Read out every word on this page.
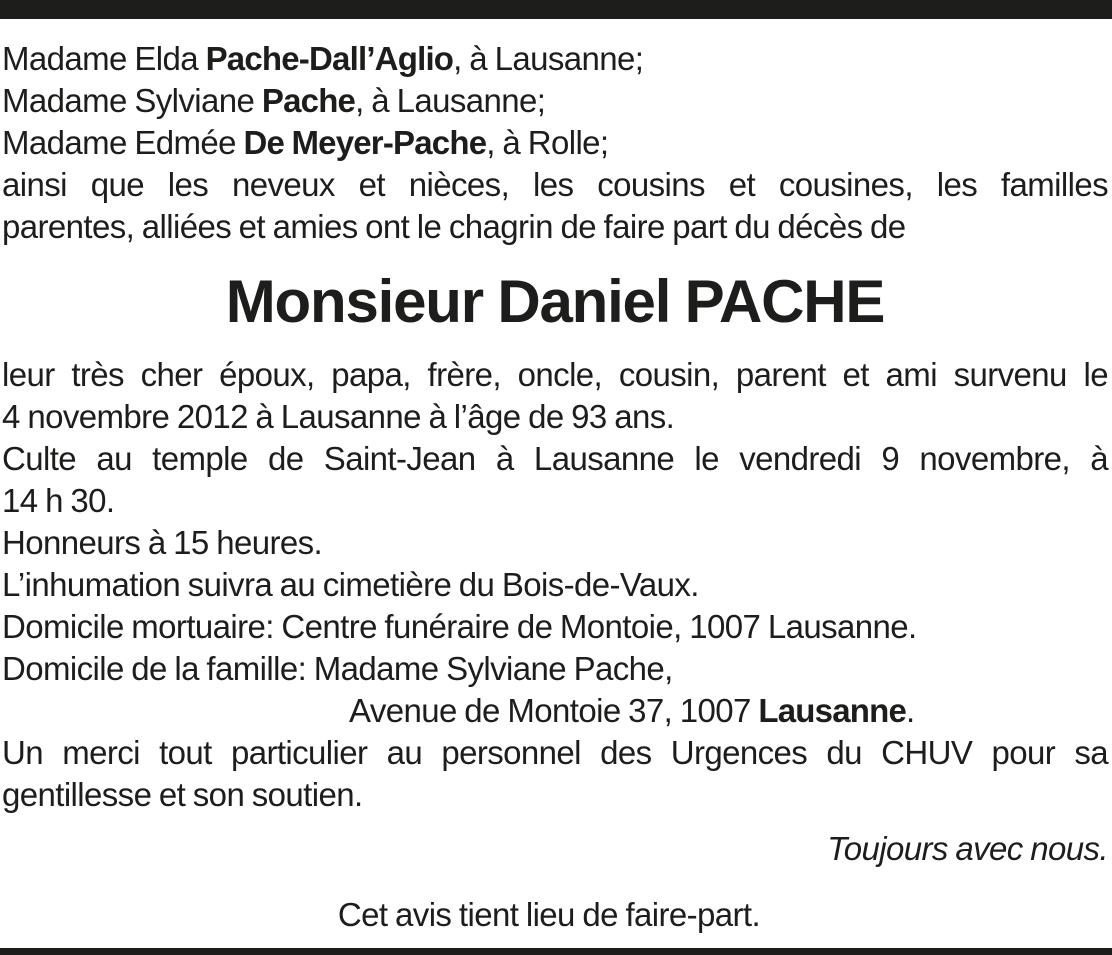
Madame Elda Pache-Dall’Aglio, à Lausanne;
Madame Sylviane Pache, à Lausanne;
Madame Edmée De Meyer-Pache, à Rolle;
ainsi que les neveux et nièces, les cousins et cousines, les familles
parentes, alliées et amies ont le chagrin de faire part du décès de
Monsieur Daniel PACHE
leur très cher époux, papa, frère, oncle, cousin, parent et ami survenu le
4 novembre 2012 à Lausanne à l’âge de 93 ans.
Culte au temple de Saint-Jean à Lausanne le vendredi 9 novembre, à
14 h 30.
Honneurs à 15 heures.
L’inhumation suivra au cimetière du Bois-de-Vaux.
Domicile mortuaire: Centre funéraire de Montoie, 1007 Lausanne.
Domicile de la famille: Madame Sylviane Pache,
Avenue de Montoie 37, 1007 Lausanne.
Un merci tout particulier au personnel des Urgences du CHUV pour sa
gentillesse et son soutien.
Toujours avec nous.
Cet avis tient lieu de faire-part.
